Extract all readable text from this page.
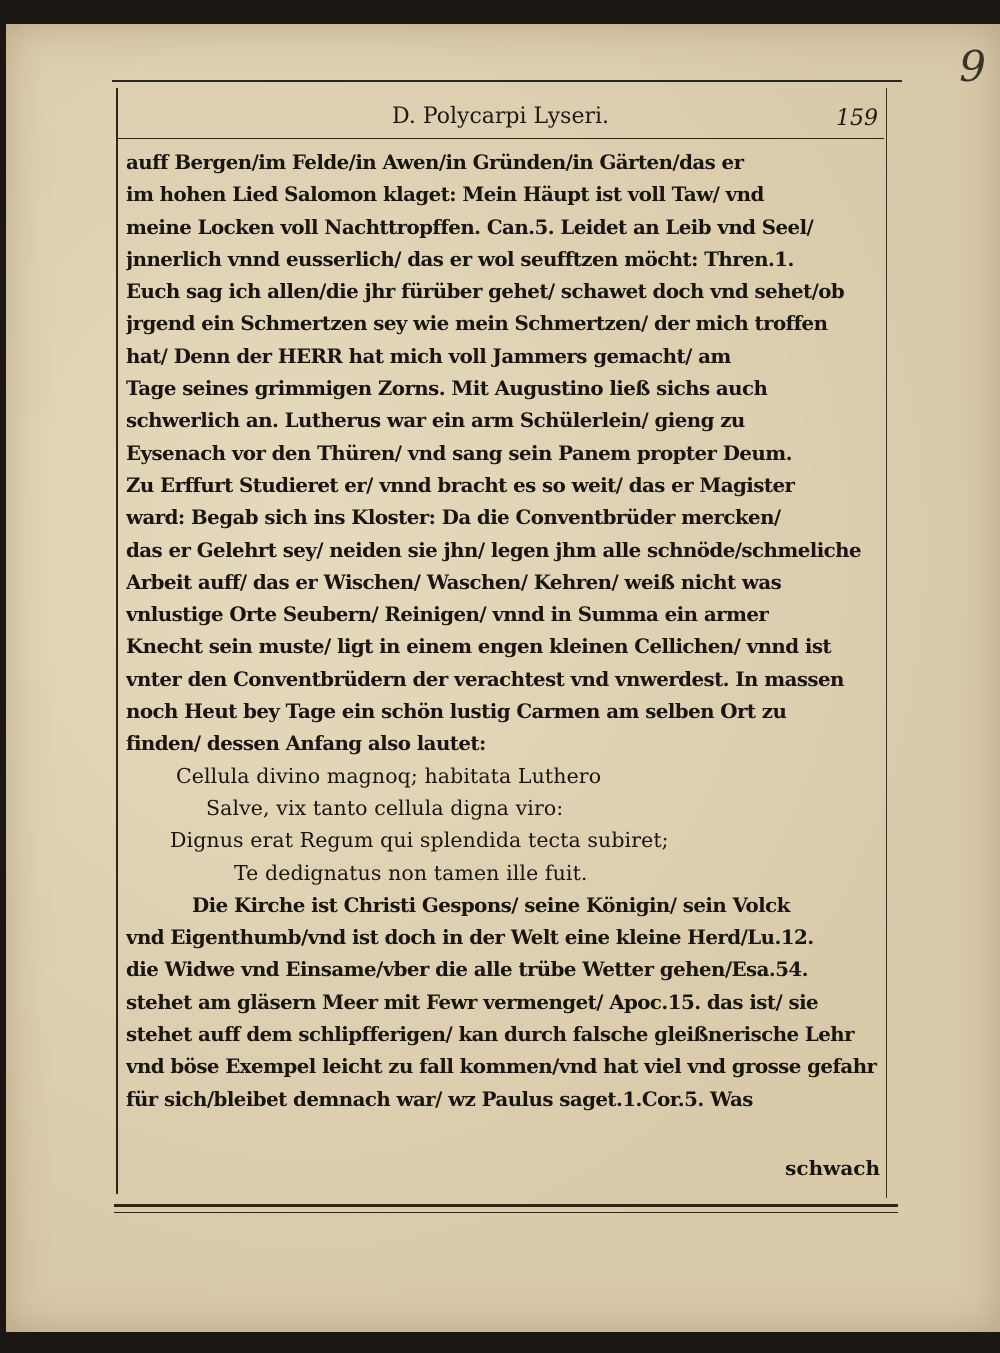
9

D. Polycarpi Lyseri.	159

auff Bergen/im Felde/in Awen/in Gründen/in Gärten/das er

im hohen Lied Salomon klaget: Mein Häupt ist voll Taw/ vnd

meine Locken voll Nachttropffen. Can.5. Leidet an Leib vnd Seel/

jnnerlich vnnd eusserlich/ das er wol seufftzen möcht: Thren.1.

Euch sag ich allen/die jhr fürüber gehet/ schawet doch vnd sehet/ob

jrgend ein Schmertzen sey wie mein Schmertzen/ der mich troffen

hat/ Denn der HERR hat mich voll Jammers gemacht/ am

Tage seines grimmigen Zorns. Mit Augustino ließ sichs auch

schwerlich an. Lutherus war ein arm Schülerlein/ gieng zu

Eysenach vor den Thüren/ vnd sang sein Panem propter Deum.

Zu Erffurt Studieret er/ vnnd bracht es so weit/ das er Magister

ward: Begab sich ins Kloster: Da die Conventbrüder mercken/

das er Gelehrt sey/ neiden sie jhn/ legen jhm alle schnöde/schmeliche

Arbeit auff/ das er Wischen/ Waschen/ Kehren/ weiß nicht was

vnlustige Orte Seubern/ Reinigen/ vnnd in Summa ein armer

Knecht sein muste/ ligt in einem engen kleinen Cellichen/ vnnd ist

vnter den Conventbrüdern der verachtest vnd vnwerdest. In massen noch Heut bey Tage ein schön lustig Carmen am selben Ort zu

finden/ dessen Anfang also lautet:

Cellula divino magnoq; habitata Luthero

Salve, vix tanto cellula digna viro:

Dignus erat Regum qui splendida tecta subiret;

Te dedignatus non tamen ille fuit.

Die Kirche ist Christi Gespons/ seine Königin/ sein Volck

vnd Eigenthumb/vnd ist doch in der Welt eine kleine Herd/Lu.12.

die Widwe vnd Einsame/vber die alle trübe Wetter gehen/Esa.54.

stehet am gläsern Meer mit Fewr vermenget/ Apoc.15. das ist/ sie

stehet auff dem schlipfferigen/ kan durch falsche gleißnerische Lehr

vnd böse Exempel leicht zu fall kommen/vnd hat viel vnd grosse gefahr für sich/bleibet demnach war/ wz Paulus saget.1.Cor.5. Was

schwach
